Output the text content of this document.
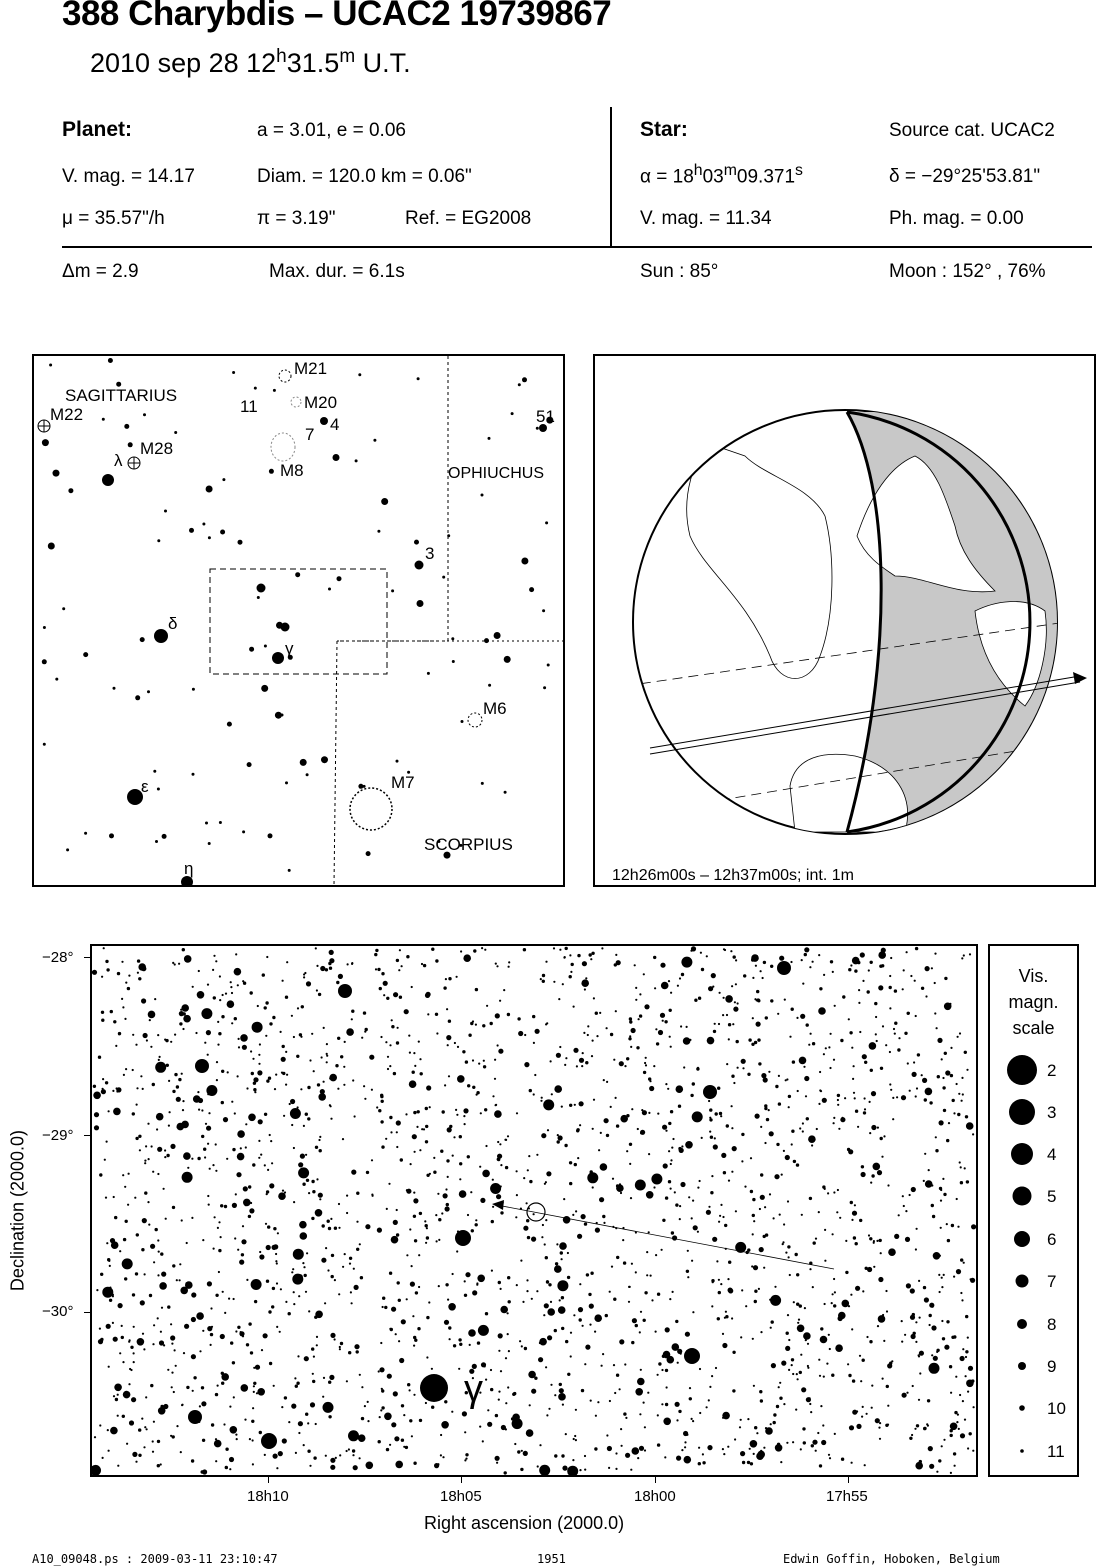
388 Charybdis – UCAC2 19739867
2010 sep 28 12$^h$31.5$^m$ U.T.
Planet:	a = 3.01, e = 0.06
V. mag. = 14.17	Diam. = 120.0 km = 0.06"
μ = 35.57"/h	π = 3.19"	Ref. = EG2008
Star:	Source cat. UCAC2
$\alpha = 18^h03^m09.371^s$	δ = −29°25'53.81"
V. mag. = 11.34	Ph. mag. = 0.00
Δm = 2.9	Max. dur. = 6.1s	Sun : 85°	Moon : 152° , 76%
M21
SAGITTARIUS
11	M20
4
7
M22	51
M28
λ
M8	OPHIUCHUS
3
δ
γ
M6
ε	M7
SCORPIUS
η	12h26m00s – 12h37m00s; int. 1m
γ
−28°
−29°
−30°
18h10	18h05	18h00	17h55
Right ascension (2000.0)
Declination (2000.0)
Vis.
magn.
scale
2
3
4
5
6
7
8
9
10
11
A10_09048.ps : 2009-03-11 23:10:47	1951	Edwin Goffin, Hoboken, Belgium
